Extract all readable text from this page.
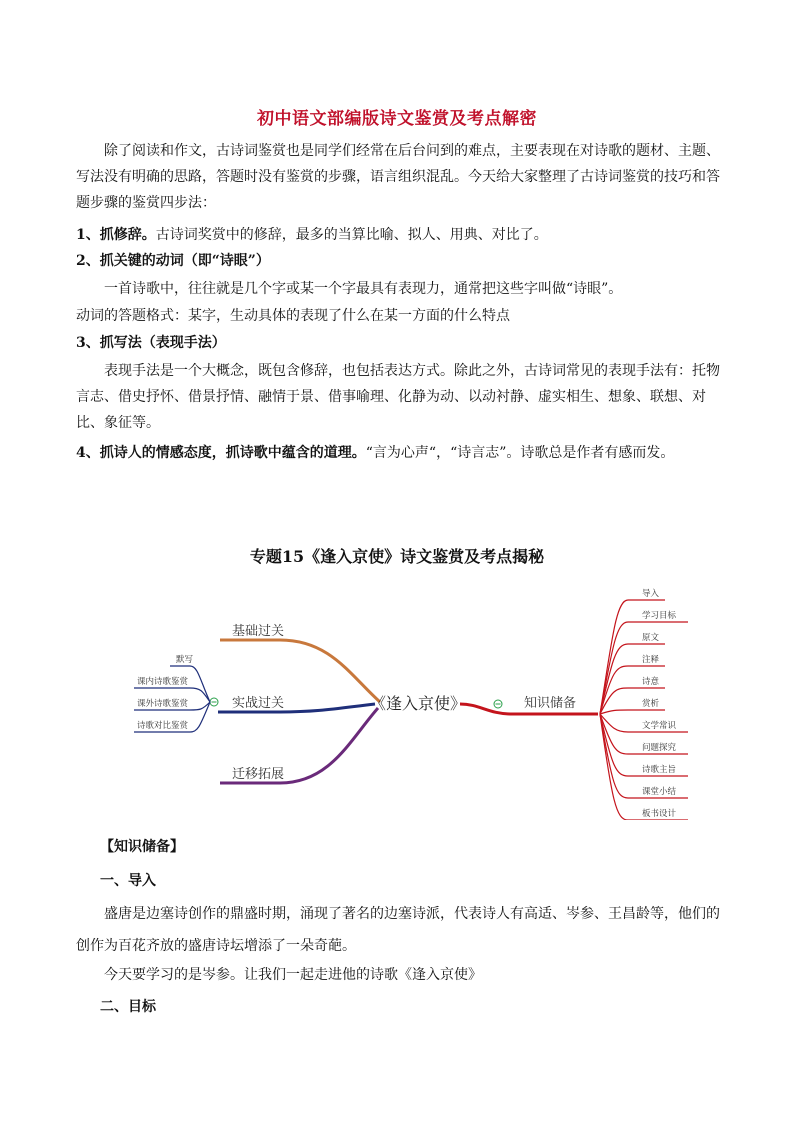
初中语文部编版诗文鉴赏及考点解密
除了阅读和作文，古诗词鉴赏也是同学们经常在后台问到的难点，主要表现在对诗歌的题材、主题、写法没有明确的思路，答题时没有鉴赏的步骤，语言组织混乱。今天给大家整理了古诗词鉴赏的技巧和答题步骤的鉴赏四步法：
1、抓修辞。古诗词奖赏中的修辞，最多的当算比喻、拟人、用典、对比了。
2、抓关键的动词（即“诗眼”）
一首诗歌中，往往就是几个字或某一个字最具有表现力，通常把这些字叫做“诗眼”。
动词的答题格式：某字，生动具体的表现了什么在某一方面的什么特点
3、抓写法（表现手法）
表现手法是一个大概念，既包含修辞，也包括表达方式。除此之外，古诗词常见的表现手法有：托物言志、借史抒怀、借景抒情、融情于景、借事喻理、化静为动、以动衬静、虚实相生、想象、联想、对比、象征等。
4、抓诗人的情感态度，抓诗歌中蕴含的道理。“言为心声“，“诗言志”。诗歌总是作者有感而发。
专题15《逢入京使》诗文鉴赏及考点揭秘
基础过关
实战过关
迁移拓展
默写
课内诗歌鉴赏
课外诗歌鉴赏
诗歌对比鉴赏
《逢入京使》	知识储备
导入
学习目标
原文
注释
诗意
赏析
文学常识
问题探究
诗歌主旨
课堂小结
板书设计
【知识储备】
一、导入
盛唐是边塞诗创作的鼎盛时期，涌现了著名的边塞诗派，代表诗人有高适、岑参、王昌龄等，他们的创作为百花齐放的盛唐诗坛增添了一朵奇葩。
今天要学习的是岑参。让我们一起走进他的诗歌《逢入京使》
二、目标
